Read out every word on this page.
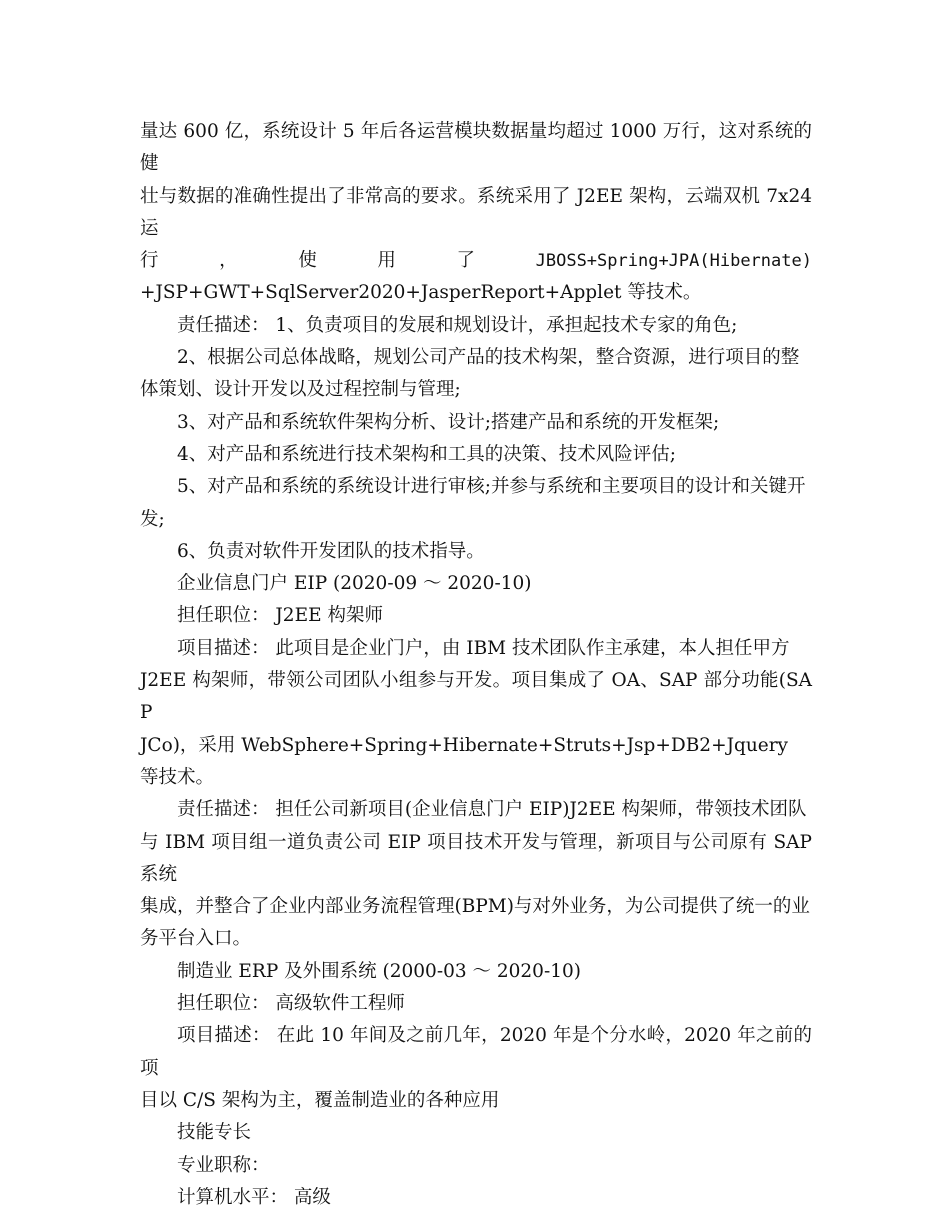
量达 600 亿，系统设计 5 年后各运营模块数据量均超过 1000 万行，这对系统的健

壮与数据的准确性提出了非常高的要求。系统采用了 J2EE 架构，云端双机 7x24 运

行	，	使	用	了	JBOSS+Spring+JPA(Hibernate)

+JSP+GWT+SqlServer2020+JasperReport+Applet 等技术。

责任描述： 1、负责项目的发展和规划设计，承担起技术专家的角色;

2、根据公司总体战略，规划公司产品的技术构架，整合资源，进行项目的整

体策划、设计开发以及过程控制与管理;

3、对产品和系统软件架构分析、设计;搭建产品和系统的开发框架;

4、对产品和系统进行技术架构和工具的决策、技术风险评估;

5、对产品和系统的系统设计进行审核;并参与系统和主要项目的设计和关键开

发;

6、负责对软件开发团队的技术指导。

企业信息门户 EIP (2020-09 ～ 2020-10)

担任职位： J2EE 构架师

项目描述： 此项目是企业门户，由 IBM 技术团队作主承建，本人担任甲方

J2EE 构架师，带领公司团队小组参与开发。项目集成了 OA、SAP 部分功能(SAP

JCo)，采用 WebSphere+Spring+Hibernate+Struts+Jsp+DB2+Jquery 等技术。

责任描述： 担任公司新项目(企业信息门户 EIP)J2EE 构架师，带领技术团队

与 IBM 项目组一道负责公司 EIP 项目技术开发与管理，新项目与公司原有 SAP 系统

集成，并整合了企业内部业务流程管理(BPM)与对外业务，为公司提供了统一的业

务平台入口。

制造业 ERP 及外围系统 (2000-03 ～ 2020-10)

担任职位： 高级软件工程师

项目描述： 在此 10 年间及之前几年，2020 年是个分水岭，2020 年之前的项

目以 C/S 架构为主，覆盖制造业的各种应用

技能专长

专业职称：

计算机水平： 高级
